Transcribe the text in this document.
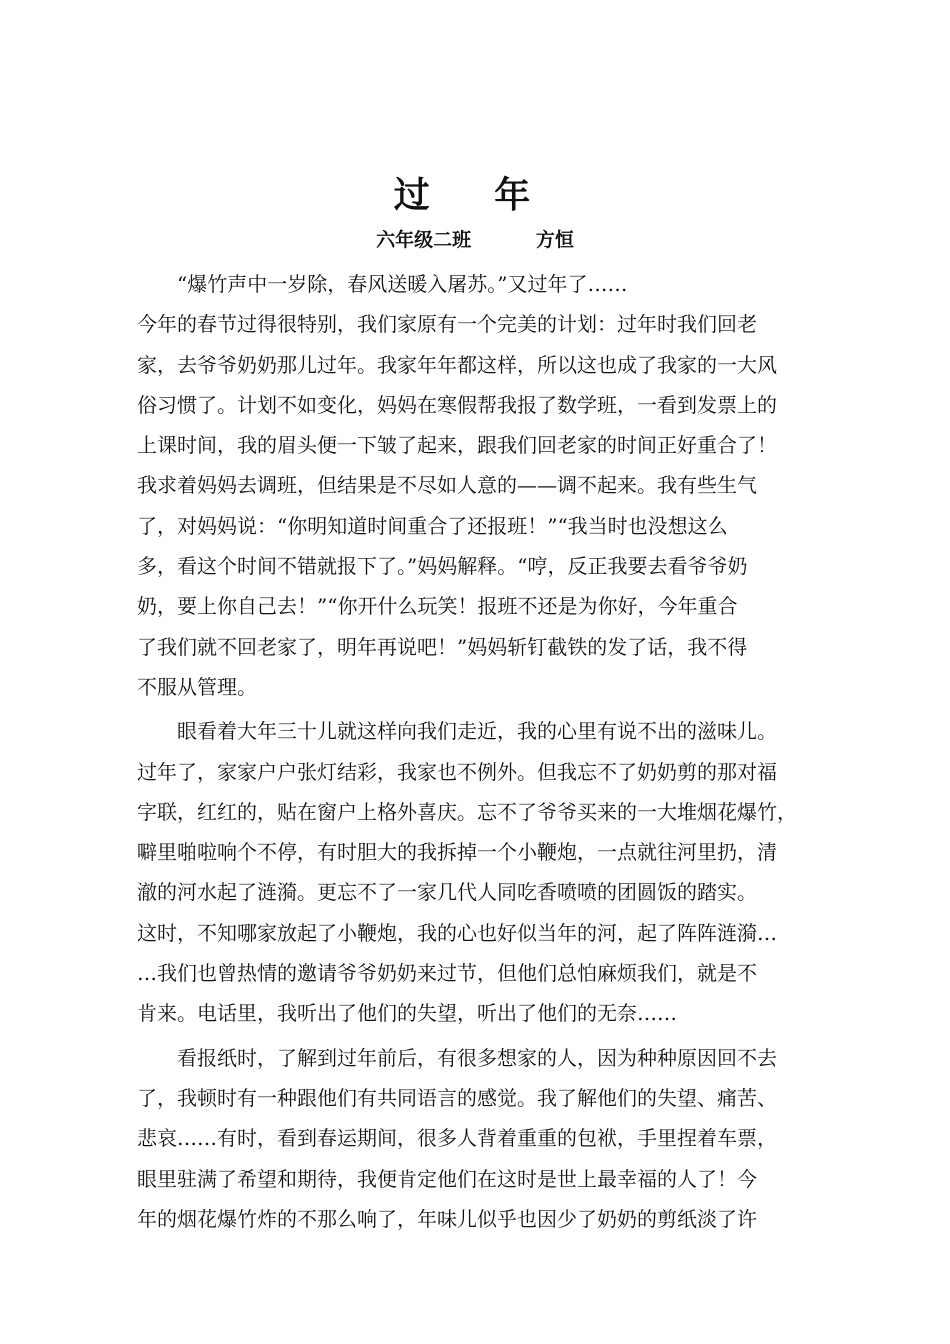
过 年
六年级二班	方恒
“爆竹声中一岁除，春风送暖入屠苏。”又过年了……
今年的春节过得很特别，我们家原有一个完美的计划：过年时我们回老
家，去爷爷奶奶那儿过年。我家年年都这样，所以这也成了我家的一大风
俗习惯了。计划不如变化，妈妈在寒假帮我报了数学班，一看到发票上的
上课时间，我的眉头便一下皱了起来，跟我们回老家的时间正好重合了！
我求着妈妈去调班，但结果是不尽如人意的——调不起来。我有些生气
了，对妈妈说：“你明知道时间重合了还报班！”“我当时也没想这么
多，看这个时间不错就报下了。”妈妈解释。“哼，反正我要去看爷爷奶
奶，要上你自己去！”“你开什么玩笑！报班不还是为你好，今年重合
了我们就不回老家了，明年再说吧！”妈妈斩钉截铁的发了话，我不得
不服从管理。
眼看着大年三十儿就这样向我们走近，我的心里有说不出的滋味儿。
过年了，家家户户张灯结彩，我家也不例外。但我忘不了奶奶剪的那对福
字联，红红的，贴在窗户上格外喜庆。忘不了爷爷买来的一大堆烟花爆竹，
噼里啪啦响个不停，有时胆大的我拆掉一个小鞭炮，一点就往河里扔，清
澈的河水起了涟漪。更忘不了一家几代人同吃香喷喷的团圆饭的踏实。
这时，不知哪家放起了小鞭炮，我的心也好似当年的河，起了阵阵涟漪…
…我们也曾热情的邀请爷爷奶奶来过节，但他们总怕麻烦我们，就是不
肯来。电话里，我听出了他们的失望，听出了他们的无奈……
看报纸时，了解到过年前后，有很多想家的人，因为种种原因回不去
了，我顿时有一种跟他们有共同语言的感觉。我了解他们的失望、痛苦、
悲哀……有时，看到春运期间，很多人背着重重的包袱，手里捏着车票，
眼里驻满了希望和期待，我便肯定他们在这时是世上最幸福的人了！今
年的烟花爆竹炸的不那么响了，年味儿似乎也因少了奶奶的剪纸淡了许
